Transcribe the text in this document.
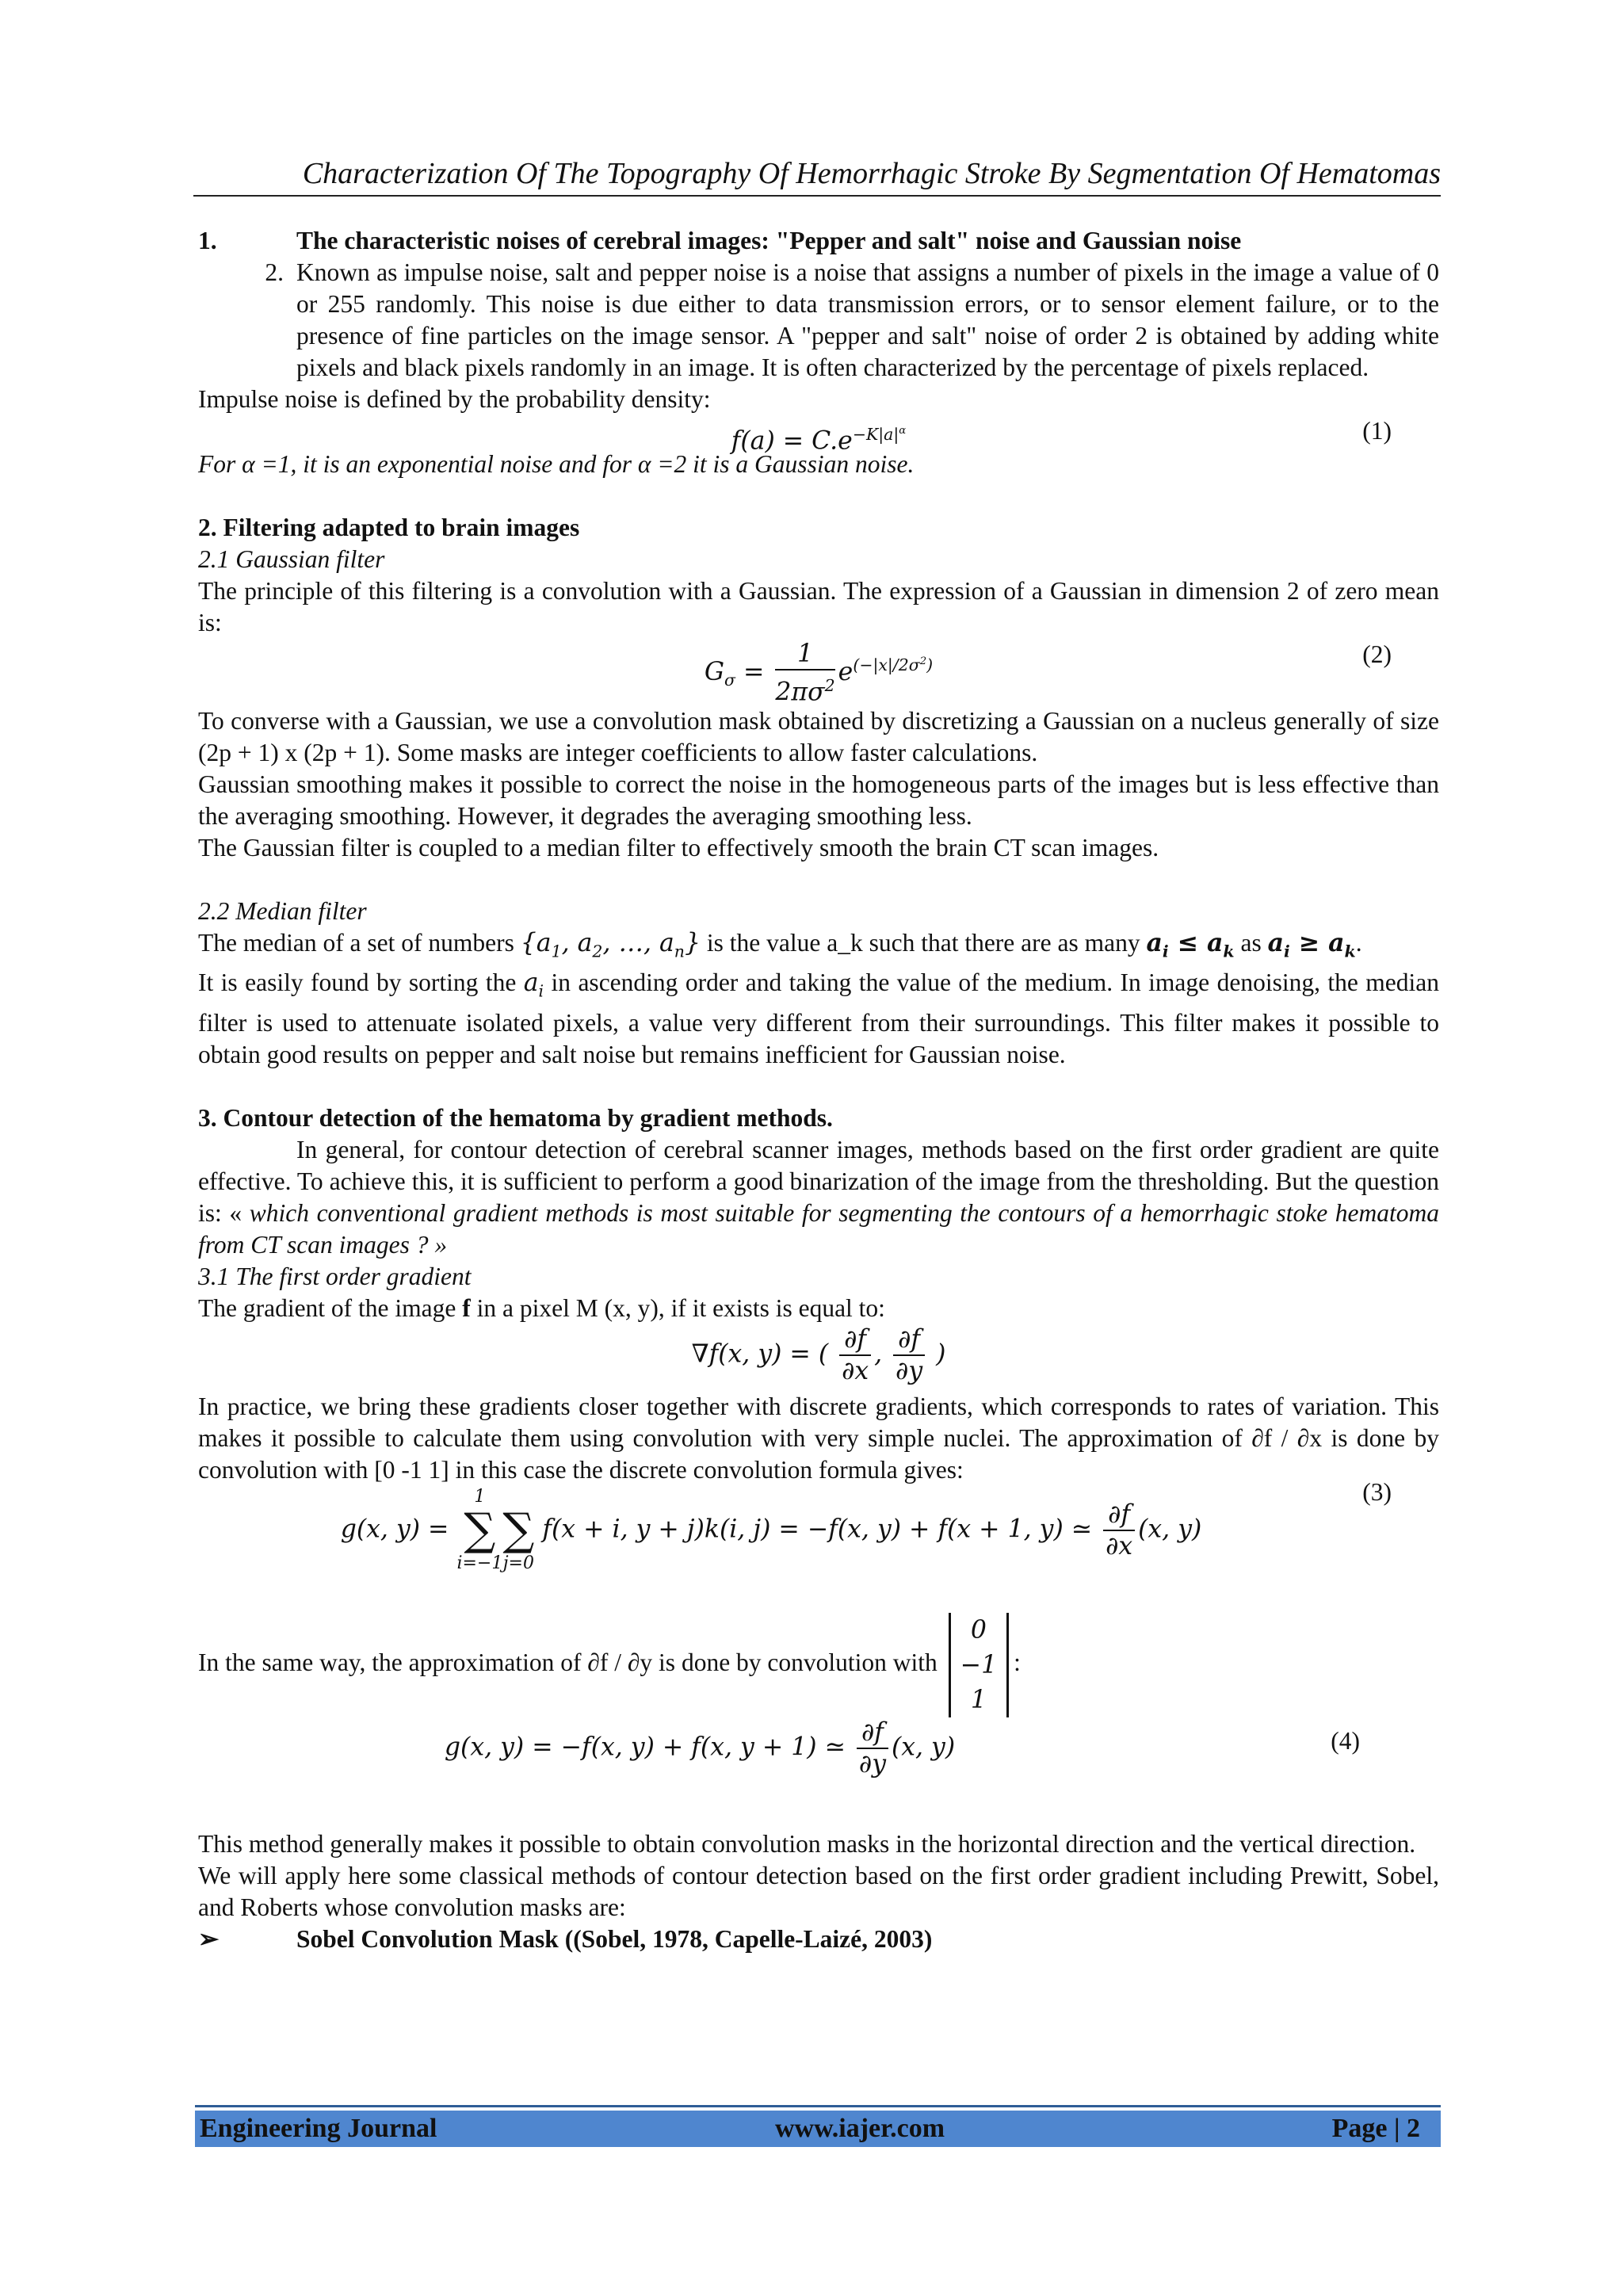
Characterization Of The Topography Of Hemorrhagic Stroke By Segmentation Of Hematomas
1.	The characteristic noises of cerebral images: "Pepper and salt" noise and Gaussian noise
2. Known as impulse noise, salt and pepper noise is a noise that assigns a number of pixels in the image a value of 0 or 255 randomly. This noise is due either to data transmission errors, or to sensor element failure, or to the presence of fine particles on the image sensor. A "pepper and salt" noise of order 2 is obtained by adding white pixels and black pixels randomly in an image. It is often characterized by the percentage of pixels replaced.

Impulse noise is defined by the probability density:

$f(a) = C.e^{-K|a|^\alpha}$	(1)

For α =1, it is an exponential noise and for α =2 it is a Gaussian noise.

2. Filtering adapted to brain images

2.1 Gaussian filter

The principle of this filtering is a convolution with a Gaussian. The expression of a Gaussian in dimension 2 of zero mean is:

$G_\sigma = \frac{1}{2\pi\sigma^2} e^{(-|x|/2\sigma^2)}$	(2)

To converse with a Gaussian, we use a convolution mask obtained by discretizing a Gaussian on a nucleus generally of size (2p + 1) x (2p + 1). Some masks are integer coefficients to allow faster calculations.

Gaussian smoothing makes it possible to correct the noise in the homogeneous parts of the images but is less effective than the averaging smoothing. However, it degrades the averaging smoothing less.

The Gaussian filter is coupled to a median filter to effectively smooth the brain CT scan images.

2.2 Median filter

The median of a set of numbers {$a_1$, $a_2$, …, $a_n$} is the value a_k such that there are as many $a_i \le a_k$ as $a_i \ge a_k$.

It is easily found by sorting the $a_i$ in ascending order and taking the value of the medium. In image denoising, the median filter is used to attenuate isolated pixels, a value very different from their surroundings. This filter makes it possible to obtain good results on pepper and salt noise but remains inefficient for Gaussian noise.

3. Contour detection of the hematoma by gradient methods.

In general, for contour detection of cerebral scanner images, methods based on the first order gradient are quite effective. To achieve this, it is sufficient to perform a good binarization of the image from the thresholding. But the question is: « which conventional gradient methods is most suitable for segmenting the contours of a hemorrhagic stoke hematoma from CT scan images ? »

3.1 The first order gradient

The gradient of the image f in a pixel M (x, y), if it exists is equal to:

∇f(x, y) = ( $\frac{\partial f}{\partial x}$ , $\frac{\partial f}{\partial y}$ )

In practice, we bring these gradients closer together with discrete gradients, which corresponds to rates of variation. This makes it possible to calculate them using convolution with very simple nuclei. The approximation of ∂f / ∂x is done by convolution with [0 -1 1] in this case the discrete convolution formula gives:

g(x, y) =
1
∑
i=−1

∑
j=0
f(x + i, y + j)k(i, j) = −f(x, y) + f(x + 1, y) ≃ $\frac{\partial f}{\partial x} (x$, y)
(3)

In the same way, the approximation of ∂f / ∂y is done by convolution with
0
−1
1
:

g(x, y) = −f(x, y) + f(x, y + 1) ≃ $\frac{\partial f}{\partial y} (x$, y)	(4)

This method generally makes it possible to obtain convolution masks in the horizontal direction and the vertical direction.

We will apply here some classical methods of contour detection based on the first order gradient including Prewitt, Sobel, and Roberts whose convolution masks are:

➢	Sobel Convolution Mask ((Sobel, 1978, Capelle-Laizé, 2003)
Engineering Journal	www.iajer.com	Page | 2
